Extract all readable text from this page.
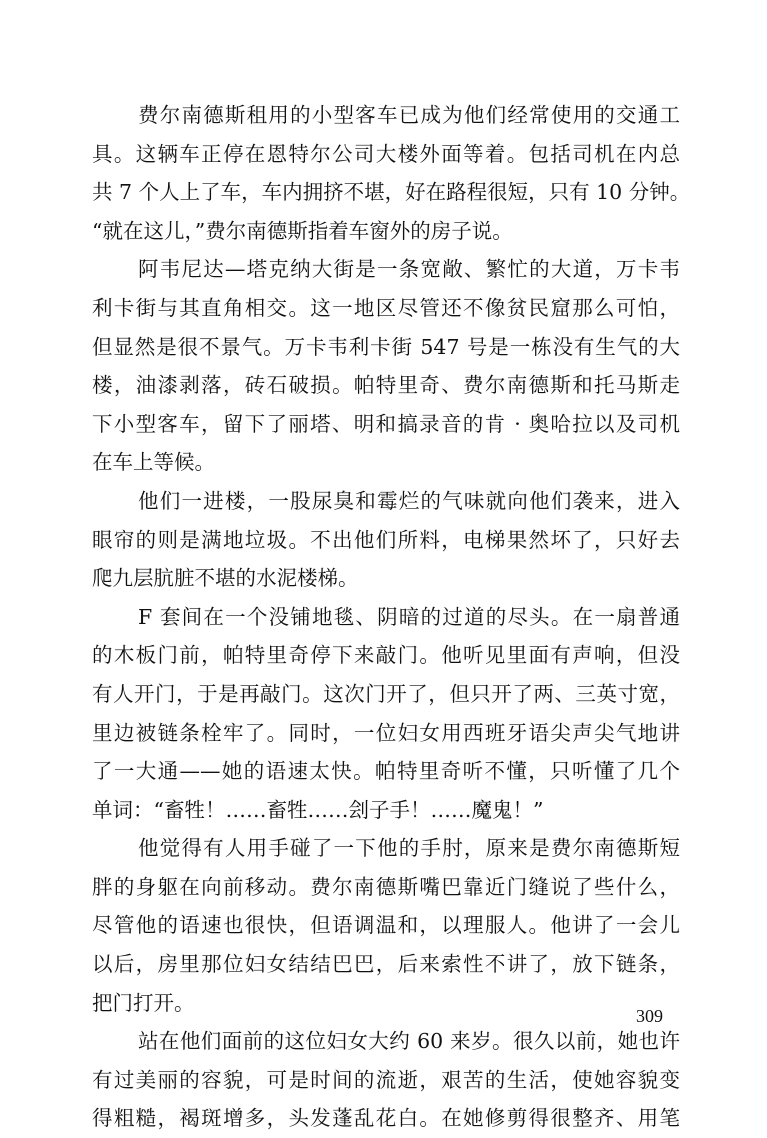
费尔南德斯租用的小型客车已成为他们经常使用的交通工
具。这辆车正停在恩特尔公司大楼外面等着。包括司机在内总
共 7 个人上了车，车内拥挤不堪，好在路程很短，只有 10 分钟。
“就在这儿，”费尔南德斯指着车窗外的房子说。
阿韦尼达—塔克纳大街是一条宽敞、繁忙的大道，万卡韦
利卡街与其直角相交。这一地区尽管还不像贫民窟那么可怕，
但显然是很不景气。万卡韦利卡街 547 号是一栋没有生气的大
楼，油漆剥落，砖石破损。帕特里奇、费尔南德斯和托马斯走
下小型客车，留下了丽塔、明和搞录音的肯 · 奥哈拉以及司机
在车上等候。
他们一进楼，一股尿臭和霉烂的气味就向他们袭来，进入
眼帘的则是满地垃圾。不出他们所料，电梯果然坏了，只好去
爬九层肮脏不堪的水泥楼梯。
F 套间在一个没铺地毯、阴暗的过道的尽头。在一扇普通
的木板门前，帕特里奇停下来敲门。他听见里面有声响，但没
有人开门，于是再敲门。这次门开了，但只开了两、三英寸宽，
里边被链条栓牢了。同时，一位妇女用西班牙语尖声尖气地讲
了一大通——她的语速太快。帕特里奇听不懂，只听懂了几个
单词：“畜牲！……畜牲……刽子手！……魔鬼！”
他觉得有人用手碰了一下他的手肘，原来是费尔南德斯短
胖的身躯在向前移动。费尔南德斯嘴巴靠近门缝说了些什么，
尽管他的语速也很快，但语调温和，以理服人。他讲了一会儿
以后，房里那位妇女结结巴巴，后来索性不讲了，放下链条，
把门打开。
站在他们面前的这位妇女大约 60 来岁。很久以前，她也许
有过美丽的容貌，可是时间的流逝，艰苦的生活，使她容貌变
得粗糙，褐斑增多，头发蓬乱花白。在她修剪得很整齐、用笔
309
